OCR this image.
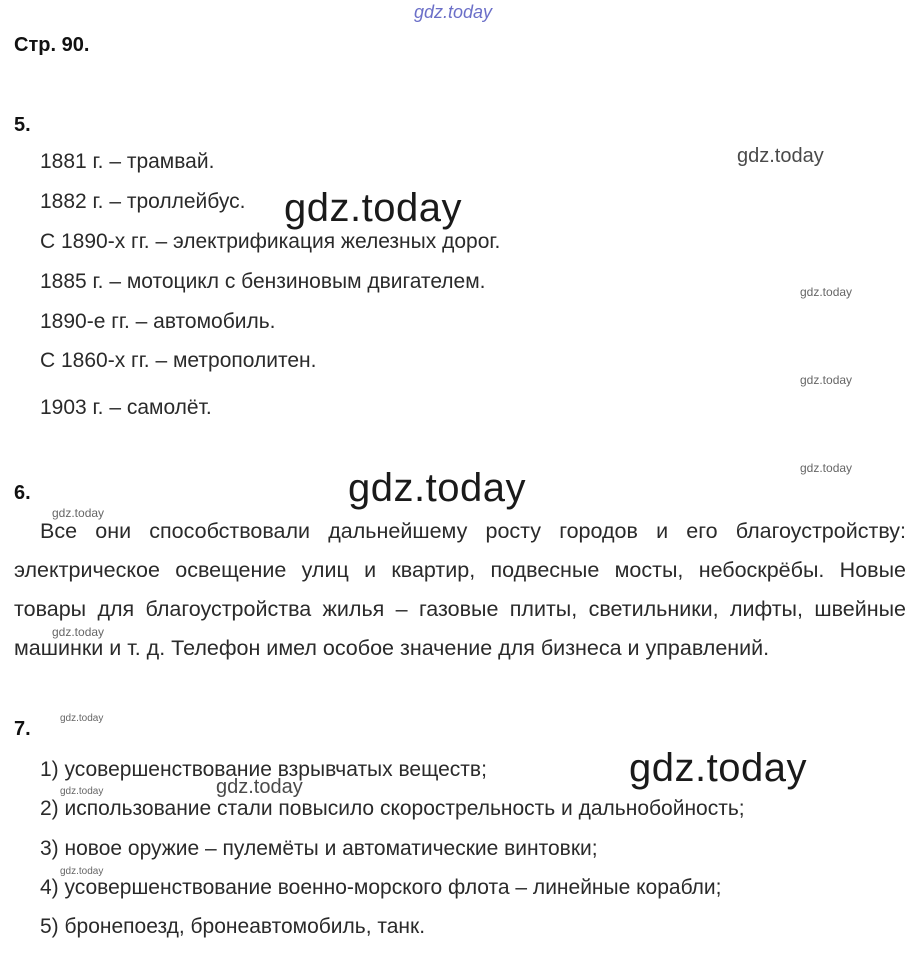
gdz.today
gdz.today
gdz.today
gdz.today
gdz.today
gdz.today
gdz.today
gdz.today
gdz.today
gdz.today
gdz.today
gdz.today	gdz.today
gdz.today
Стр. 90.
5.
1881 г. – трамвай.
1882 г. – троллейбус.
С 1890-х гг. – электрификация железных дорог.
1885 г. – мотоцикл с бензиновым двигателем.
1890-е гг. – автомобиль.
С 1860-х гг. – метрополитен.
1903 г. – самолёт.
6.
Все они способствовали дальнейшему росту городов и его благоустройству: электрическое освещение улиц и квартир, подвесные мосты, небоскрёбы. Новые товары для благоустройства жилья – газовые плиты, светильники, лифты, швейные машинки и т. д. Телефон имел особое значение для бизнеса и управлений.
7.
1) усовершенствование взрывчатых веществ;
2) использование стали повысило скорострельность и дальнобойность;
3) новое оружие – пулемёты и автоматические винтовки;
4) усовершенствование военно-морского флота – линейные корабли;
5) бронепоезд, бронеавтомобиль, танк.
